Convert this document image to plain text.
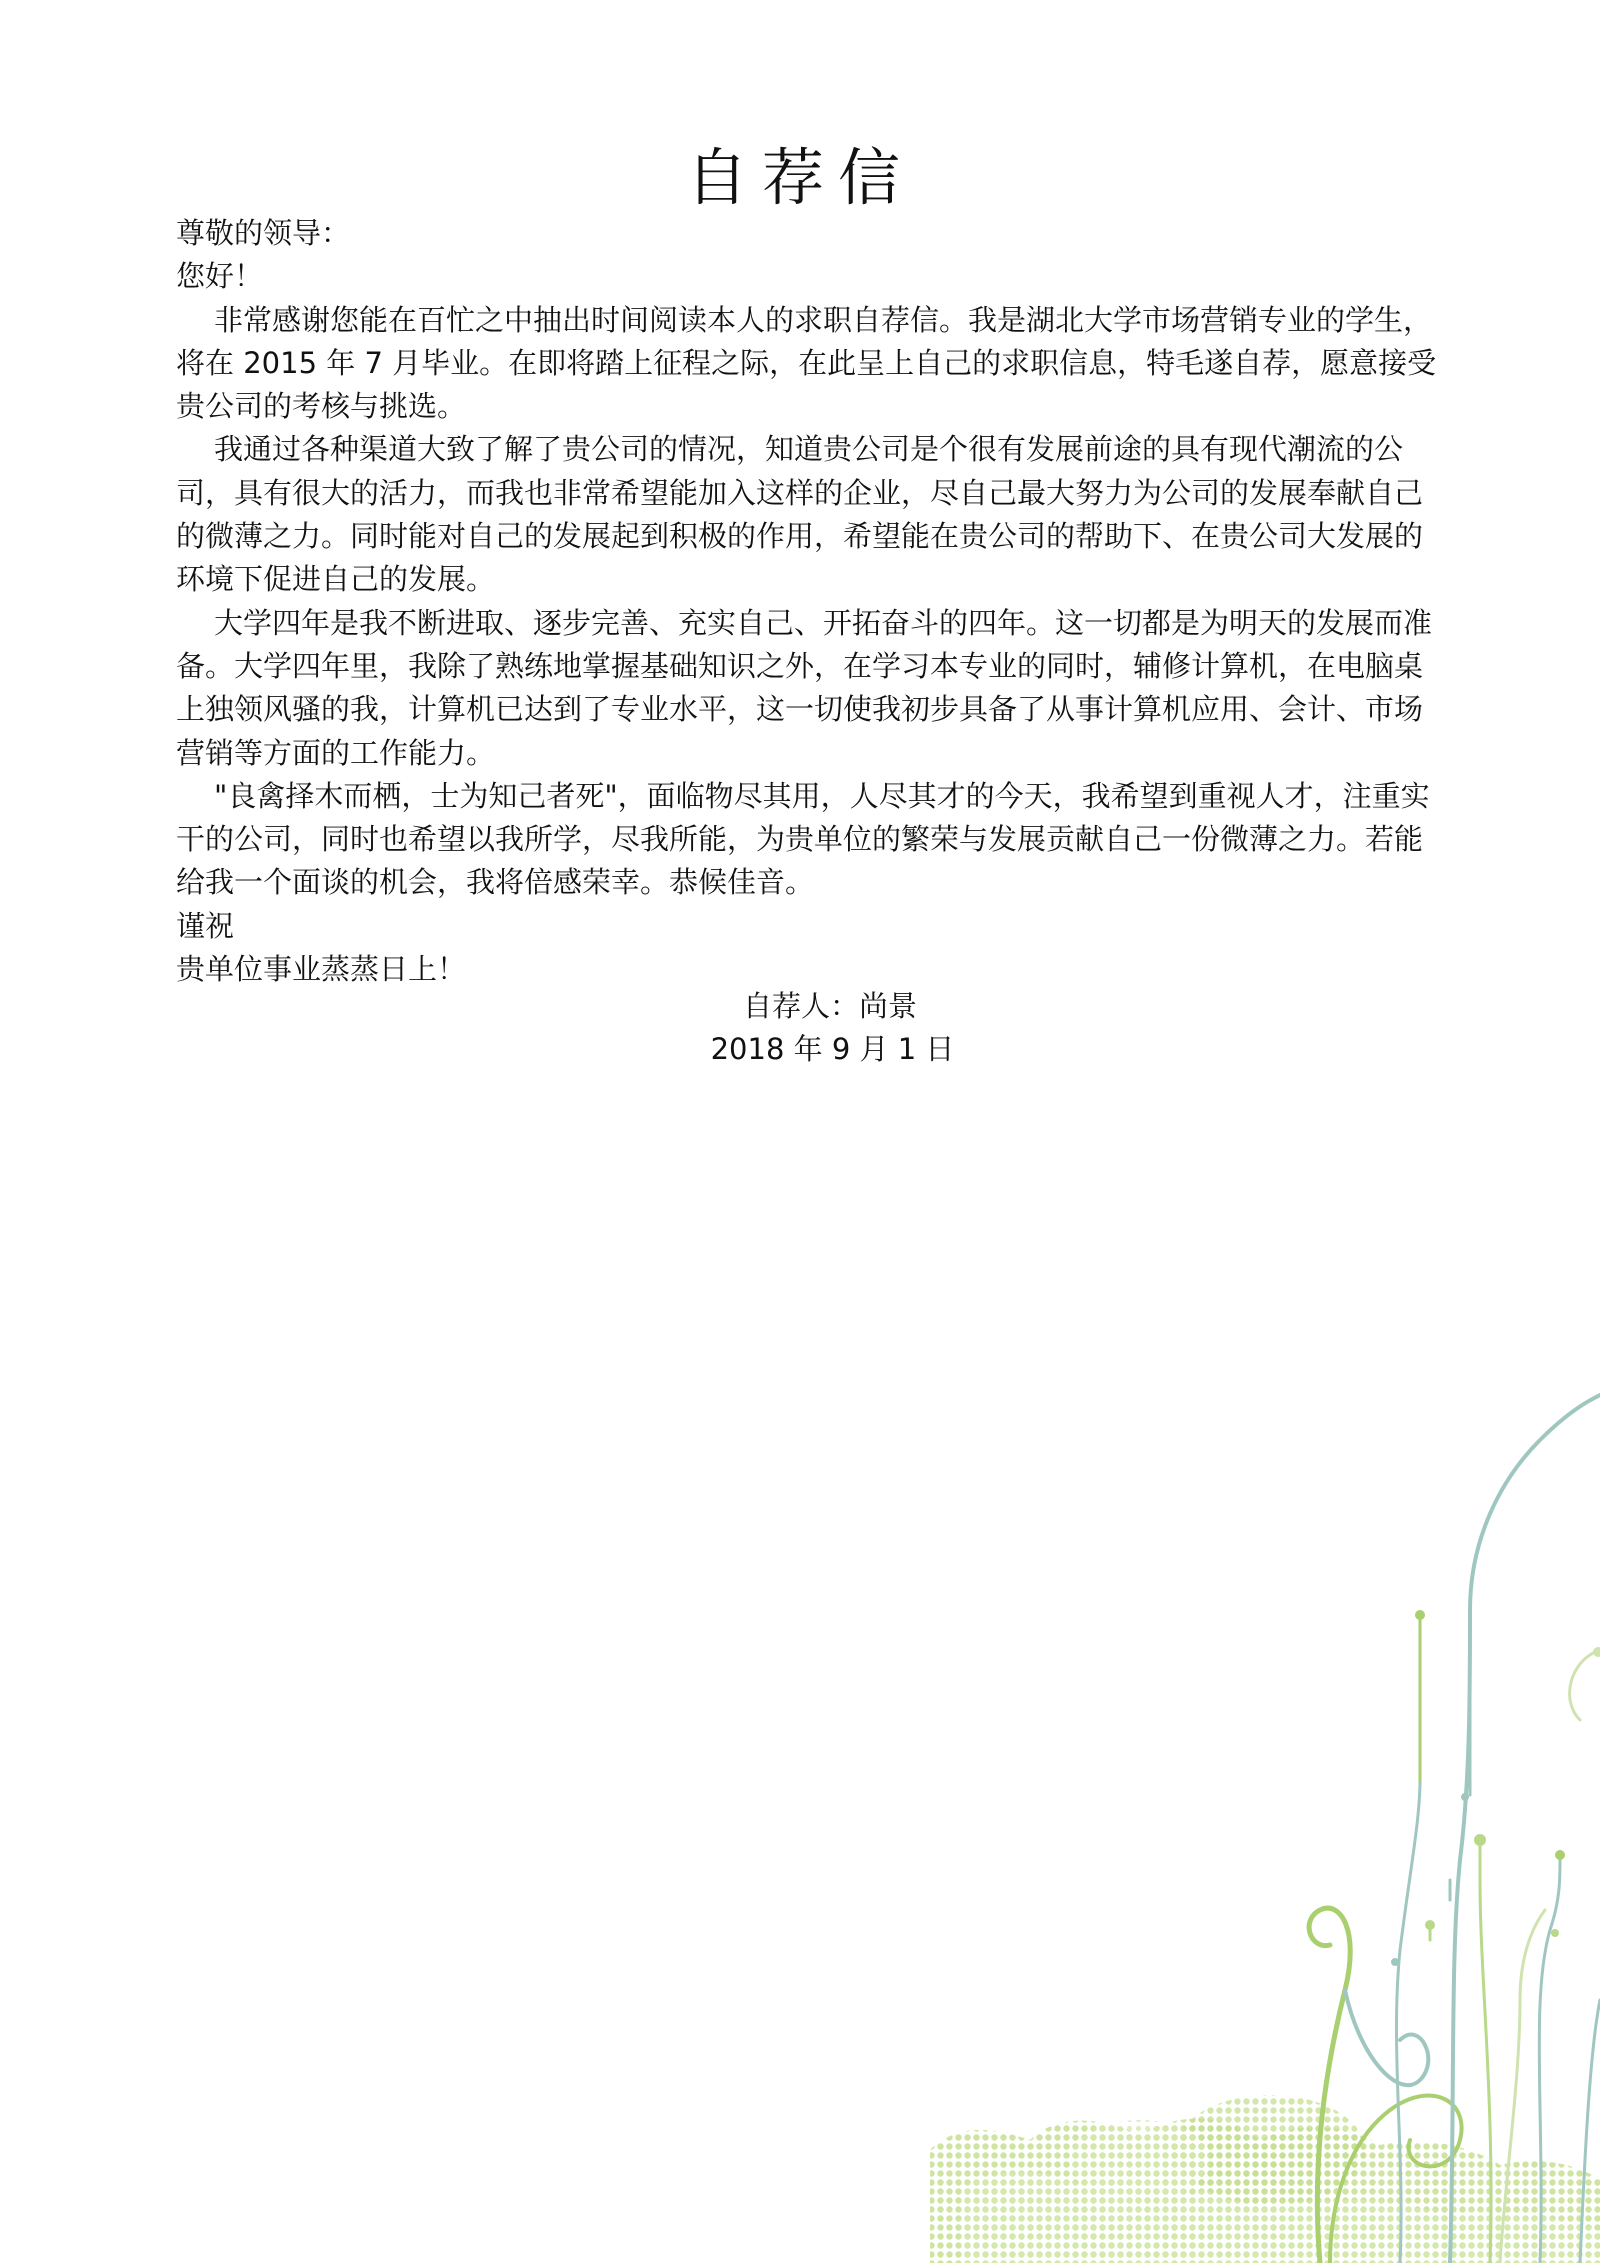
自荐信

尊敬的领导：

您好！

非常感谢您能在百忙之中抽出时间阅读本人的求职自荐信。我是湖北大学市场营销专业的学生，将在 2015 年 7 月毕业。在即将踏上征程之际，在此呈上自己的求职信息，特毛遂自荐，愿意接受贵公司的考核与挑选。

我通过各种渠道大致了解了贵公司的情况，知道贵公司是个很有发展前途的具有现代潮流的公司，具有很大的活力，而我也非常希望能加入这样的企业，尽自己最大努力为公司的发展奉献自己的微薄之力。同时能对自己的发展起到积极的作用，希望能在贵公司的帮助下、在贵公司大发展的环境下促进自己的发展。

大学四年是我不断进取、逐步完善、充实自己、开拓奋斗的四年。这一切都是为明天的发展而准备。大学四年里，我除了熟练地掌握基础知识之外，在学习本专业的同时，辅修计算机，在电脑桌上独领风骚的我，计算机已达到了专业水平，这一切使我初步具备了从事计算机应用、会计、市场营销等方面的工作能力。

"良禽择木而栖，士为知己者死"，面临物尽其用，人尽其才的今天，我希望到重视人才，注重实干的公司，同时也希望以我所学，尽我所能，为贵单位的繁荣与发展贡献自己一份微薄之力。若能给我一个面谈的机会，我将倍感荣幸。恭候佳音。

谨祝

贵单位事业蒸蒸日上！

自荐人：尚景
2018 年 9 月 1 日
